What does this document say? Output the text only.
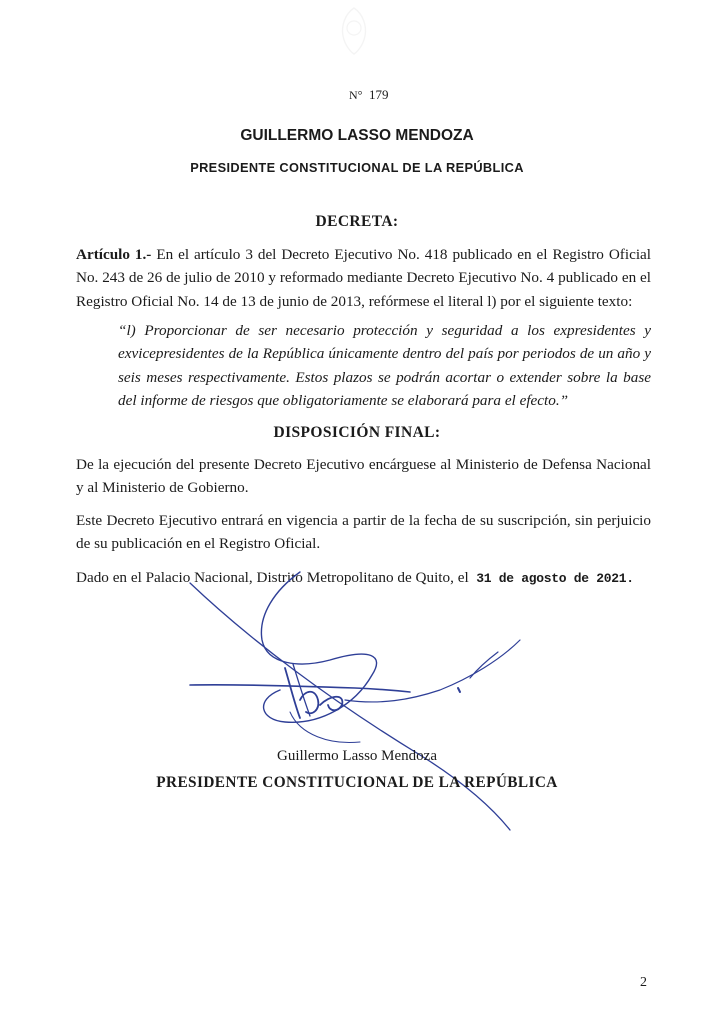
N° 179
GUILLERMO LASSO MENDOZA
PRESIDENTE CONSTITUCIONAL DE LA REPÚBLICA
DECRETA:
Artículo 1.- En el artículo 3 del Decreto Ejecutivo No. 418 publicado en el Registro Oficial No. 243 de 26 de julio de 2010 y reformado mediante Decreto Ejecutivo No. 4 publicado en el Registro Oficial No. 14 de 13 de junio de 2013, refórmese el literal l) por el siguiente texto:
“l) Proporcionar de ser necesario protección y seguridad a los expresidentes y exvicepresidentes de la República únicamente dentro del país por periodos de un año y seis meses respectivamente. Estos plazos se podrán acortar o extender sobre la base del informe de riesgos que obligatoriamente se elaborará para el efecto.”
DISPOSICIÓN FINAL:
De la ejecución del presente Decreto Ejecutivo encárguese al Ministerio de Defensa Nacional y al Ministerio de Gobierno.
Este Decreto Ejecutivo entrará en vigencia a partir de la fecha de su suscripción, sin perjuicio de su publicación en el Registro Oficial.
Dado en el Palacio Nacional, Distrito Metropolitano de Quito, el 31 de agosto de 2021.
Guillermo Lasso Mendoza
PRESIDENTE CONSTITUCIONAL DE LA REPÚBLICA
2
